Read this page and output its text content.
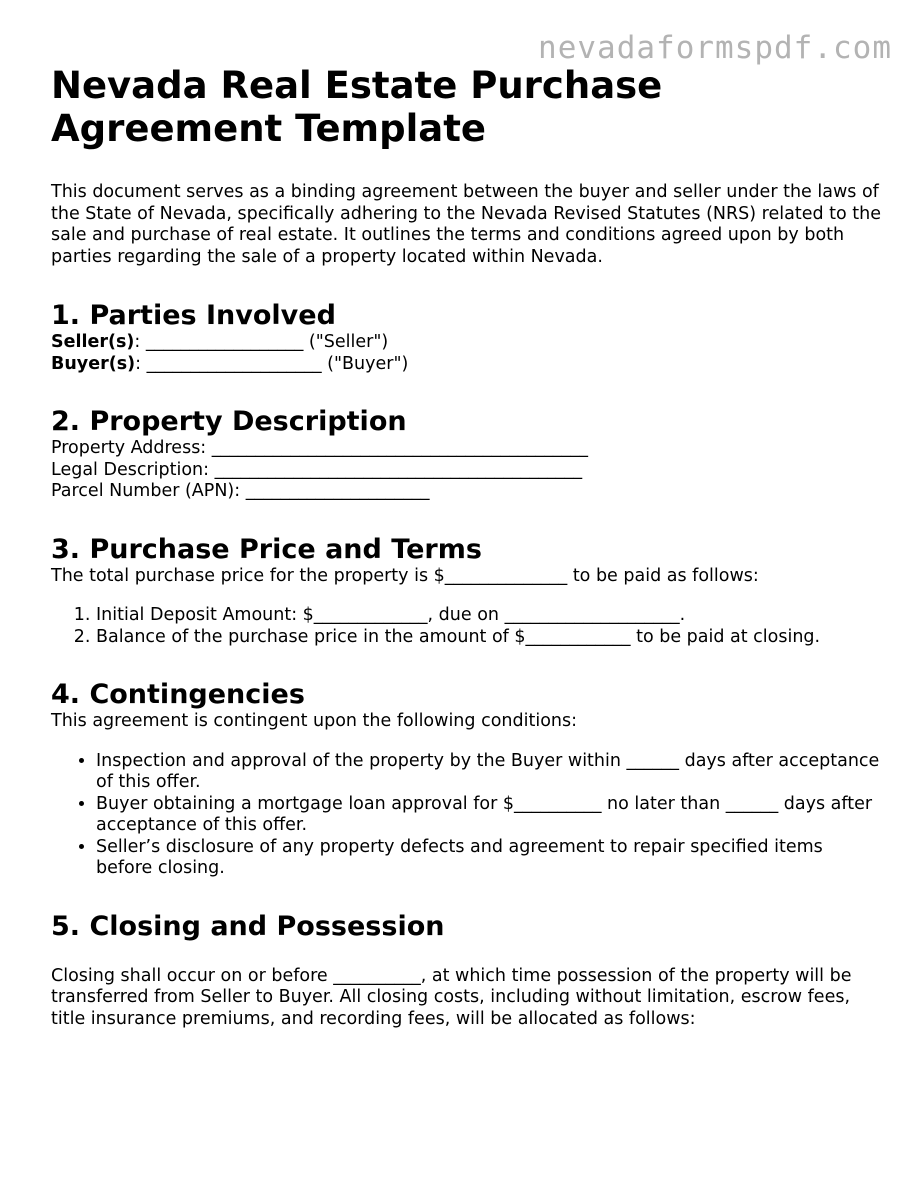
nevadaformspdf.com
Nevada Real Estate Purchase Agreement Template

This document serves as a binding agreement between the buyer and seller under the laws of the State of Nevada, specifically adhering to the Nevada Revised Statutes (NRS) related to the sale and purchase of real estate. It outlines the terms and conditions agreed upon by both parties regarding the sale of a property located within Nevada.

1. Parties Involved

Seller(s): __________________ ("Seller")

Buyer(s): ____________________ ("Buyer")

2. Property Description

Property Address: ___________________________________________

Legal Description: __________________________________________

Parcel Number (APN): _____________________

3. Purchase Price and Terms

The total purchase price for the property is $______________ to be paid as follows:

1. Initial Deposit Amount: $_____________, due on ____________________.
2. Balance of the purchase price in the amount of $____________ to be paid at closing.
4. Contingencies

This agreement is contingent upon the following conditions:

• Inspection and approval of the property by the Buyer within ______ days after acceptance of this offer.
• Buyer obtaining a mortgage loan approval for $__________ no later than ______ days after acceptance of this offer.
• Seller’s disclosure of any property defects and agreement to repair specified items before closing.
5. Closing and Possession

Closing shall occur on or before __________, at which time possession of the property will be transferred from Seller to Buyer. All closing costs, including without limitation, escrow fees, title insurance premiums, and recording fees, will be allocated as follows:
